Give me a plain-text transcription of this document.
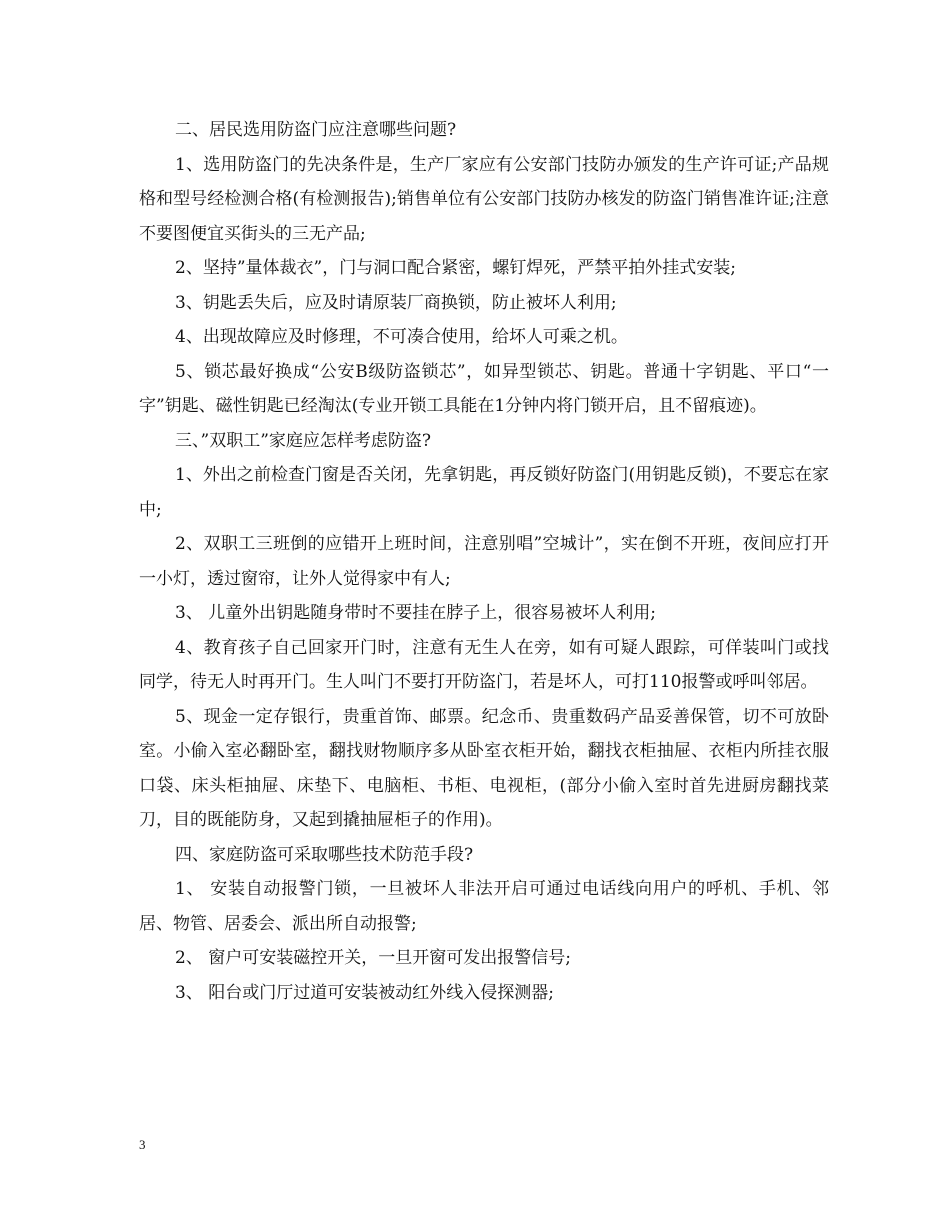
二、居民选用防盗门应注意哪些问题?

1、选用防盗门的先决条件是，生产厂家应有公安部门技防办颁发的生产许可证;产品规格和型号经检测合格(有检测报告);销售单位有公安部门技防办核发的防盗门销售准许证;注意不要图便宜买街头的三无产品;

2、坚持”量体裁衣”，门与洞口配合紧密，螺钉焊死，严禁平拍外挂式安装;

3、钥匙丢失后，应及时请原装厂商换锁，防止被坏人利用;

4、出现故障应及时修理，不可凑合使用，给坏人可乘之机。

5、锁芯最好换成“公安B级防盗锁芯”，如异型锁芯、钥匙。普通十字钥匙、平口“一字”钥匙、磁性钥匙已经淘汰(专业开锁工具能在1分钟内将门锁开启，且不留痕迹)。

三、”双职工”家庭应怎样考虑防盗?

1、外出之前检查门窗是否关闭，先拿钥匙，再反锁好防盗门(用钥匙反锁)，不要忘在家中;

2、双职工三班倒的应错开上班时间，注意别唱”空城计”，实在倒不开班，夜间应打开一小灯，透过窗帘，让外人觉得家中有人;

3、 儿童外出钥匙随身带时不要挂在脖子上，很容易被坏人利用;

4、教育孩子自己回家开门时，注意有无生人在旁，如有可疑人跟踪，可佯装叫门或找同学，待无人时再开门。生人叫门不要打开防盗门，若是坏人，可打110报警或呼叫邻居。

5、现金一定存银行，贵重首饰、邮票。纪念币、贵重数码产品妥善保管，切不可放卧室。小偷入室必翻卧室，翻找财物顺序多从卧室衣柜开始，翻找衣柜抽屉、衣柜内所挂衣服口袋、床头柜抽屉、床垫下、电脑柜、书柜、电视柜，(部分小偷入室时首先进厨房翻找菜刀，目的既能防身，又起到撬抽屉柜子的作用)。

四、家庭防盗可采取哪些技术防范手段?

1、 安装自动报警门锁，一旦被坏人非法开启可通过电话线向用户的呼机、手机、邻居、物管、居委会、派出所自动报警;

2、 窗户可安装磁控开关，一旦开窗可发出报警信号;

3、 阳台或门厅过道可安装被动红外线入侵探测器;

3
